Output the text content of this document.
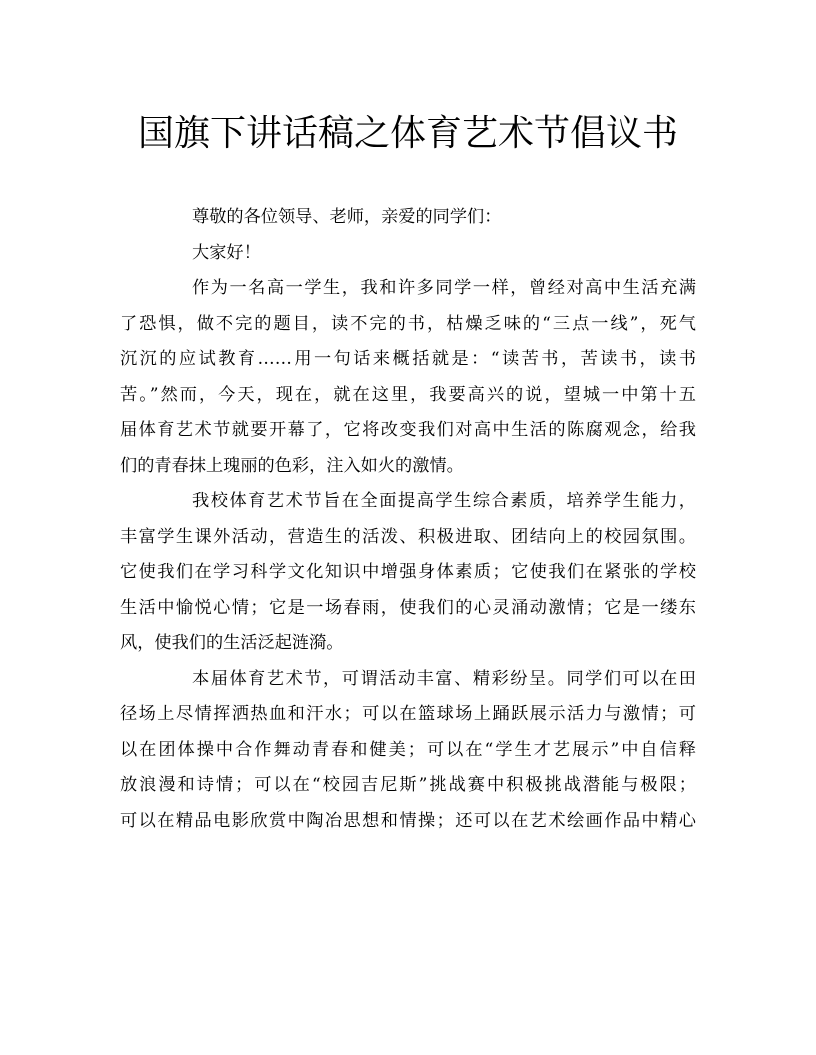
国旗下讲话稿之体育艺术节倡议书
尊敬的各位领导、老师，亲爱的同学们：
大家好！
作为一名高一学生，我和许多同学一样，曾经对高中生活充满
了恐惧，做不完的题目，读不完的书，枯燥乏味的“三点一线”，死气
沉沉的应试教育……用一句话来概括就是：“读苦书，苦读书，读书
苦。”然而，今天，现在，就在这里，我要高兴的说，望城一中第十五
届体育艺术节就要开幕了，它将改变我们对高中生活的陈腐观念，给我
们的青春抹上瑰丽的色彩，注入如火的激情。
我校体育艺术节旨在全面提高学生综合素质，培养学生能力，
丰富学生课外活动，营造生的活泼、积极进取、团结向上的校园氛围。
它使我们在学习科学文化知识中增强身体素质；它使我们在紧张的学校
生活中愉悦心情；它是一场春雨，使我们的心灵涌动激情；它是一缕东
风，使我们的生活泛起涟漪。
本届体育艺术节，可谓活动丰富、精彩纷呈。同学们可以在田
径场上尽情挥洒热血和汗水；可以在篮球场上踊跃展示活力与激情；可
以在团体操中合作舞动青春和健美；可以在“学生才艺展示”中自信释
放浪漫和诗情；可以在“校园吉尼斯”挑战赛中积极挑战潜能与极限；
可以在精品电影欣赏中陶冶思想和情操；还可以在艺术绘画作品中精心
